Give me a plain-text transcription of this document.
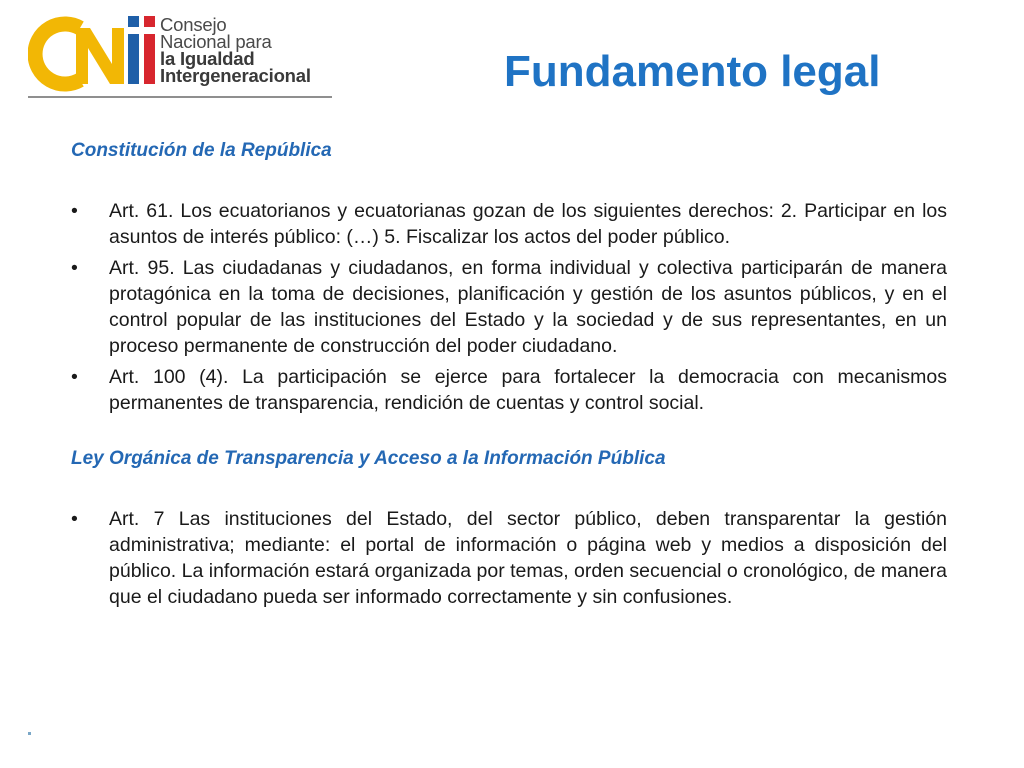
Consejo
Nacional para
la Igualdad
Intergeneracional	Fundamento legal

Constitución de la República

• Art. 61. Los ecuatorianos y ecuatorianas gozan de los siguientes derechos: 2. Participar en los asuntos de interés público: (…) 5. Fiscalizar los actos del poder público.
• Art. 95. Las ciudadanas y ciudadanos, en forma individual y colectiva participarán de manera protagónica en la toma de decisiones, planificación y gestión de los asuntos públicos, y en el control popular de las instituciones del Estado y la sociedad y de sus representantes, en un proceso permanente de construcción del poder ciudadano.
• Art. 100 (4). La participación se ejerce para fortalecer la democracia con mecanismos permanentes de transparencia, rendición de cuentas y control social.

Ley Orgánica de Transparencia y Acceso a la Información Pública

• Art. 7 Las instituciones del Estado, del sector público, deben transparentar la gestión administrativa; mediante: el portal de información o página web y medios a disposición del público. La información estará organizada por temas, orden secuencial o cronológico, de manera que el ciudadano pueda ser informado correctamente y sin confusiones.
